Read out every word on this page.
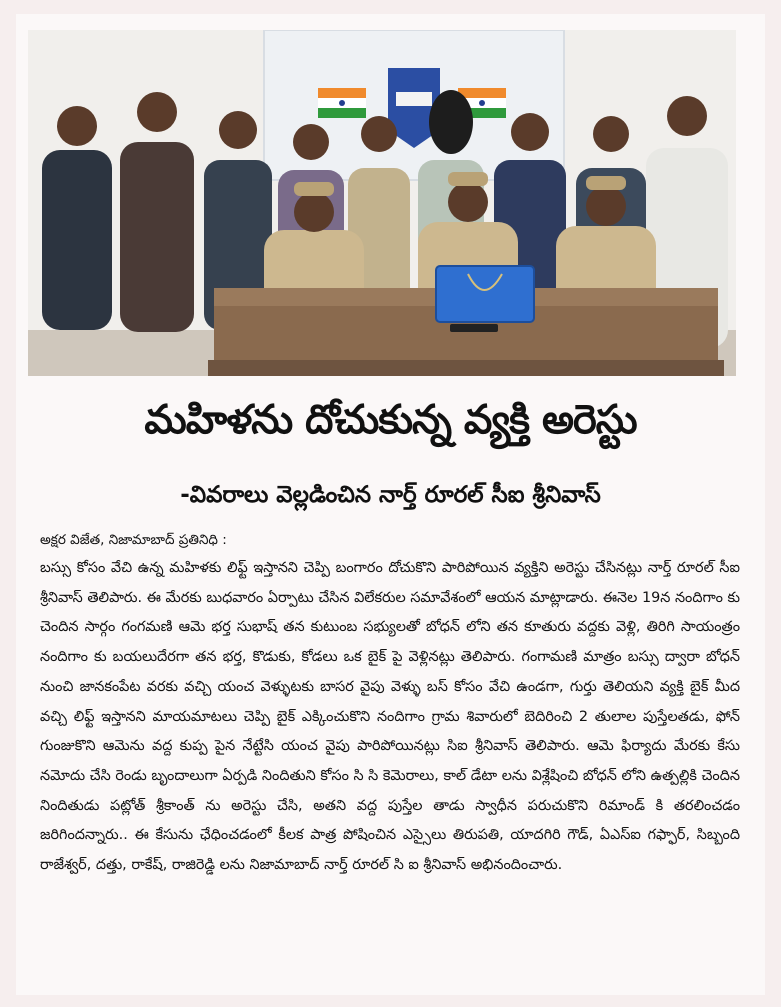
మహిళను దోచుకున్న వ్యక్తి అరెస్టు
-వివరాలు వెల్లడించిన నార్త్ రూరల్ సీఐ శ్రీనివాస్
అక్షర విజేత, నిజామాబాద్ ప్రతినిధి :
బస్సు కోసం వేచి ఉన్న మహిళకు లిఫ్ట్ ఇస్తానని చెప్పి బంగారం దోచుకొని పారిపోయిన వ్యక్తిని అరెస్టు చేసినట్లు నార్త్ రూరల్ సీఐ శ్రీనివాస్ తెలిపారు. ఈ మేరకు బుధవారం ఏర్పాటు చేసిన విలేకరుల సమావేశంలో ఆయన మాట్లాడారు. ఈనెల 19న నందిగాం కు చెందిన సార్గం గంగమణి ఆమె భర్త సుభాష్ తన కుటుంబ సభ్యులతో బోధన్ లోని తన కూతురు వద్దకు వెళ్లి, తిరిగి సాయంత్రం నందిగాం కు బయలుదేరగా తన భర్త, కొడుకు, కోడలు ఒక బైక్ పై వెళ్లినట్లు తెలిపారు. గంగామణి మాత్రం బస్సు ద్వారా బోధన్ నుంచి జానకంపేట వరకు వచ్చి యంచ వెళ్ళుటకు బాసర వైపు వెళ్ళు బస్ కోసం వేచి ఉండగా, గుర్తు తెలియని వ్యక్తి బైక్ మీద వచ్చి లిఫ్ట్ ఇస్తానని మాయమాటలు చెప్పి బైక్ ఎక్కించుకొని నందిగాం గ్రామ శివారులో బెదిరించి 2 తులాల పుస్తేలతడు, ఫోన్ గుంజుకొని ఆమెను వద్ద కుప్ప పైన నేట్టేసి యంచ వైపు పారిపోయినట్లు సిఐ శ్రీనివాస్ తెలిపారు. ఆమె ఫిర్యాదు మేరకు కేసు నమోదు చేసి రెండు బృందాలుగా ఏర్పడి నిందితుని కోసం సి సి కెమెరాలు, కాల్ డేటా లను విశ్లేషించి బోధన్ లోని ఉత్పల్లికి చెందిన నిందితుడు పట్లోత్ శ్రీకాంత్ ను అరెస్టు చేసి, అతని వద్ద పుస్తేల తాడు స్వాధీన పరుచుకొని రిమాండ్ కి తరలించడం జరిగిందన్నారు.. ఈ కేసును ఛేధించడంలో కీలక పాత్ర పోషించిన ఎస్సైలు తిరుపతి, యాదగిరి గౌడ్, ఏఎస్ఐ గఫ్ఫార్, సిబ్బంది రాజేశ్వర్, దత్తు, రాకేష్, రాజిరెడ్డి లను నిజామాబాద్ నార్త్ రూరల్ సి ఐ శ్రీనివాస్ అభినందించారు.
